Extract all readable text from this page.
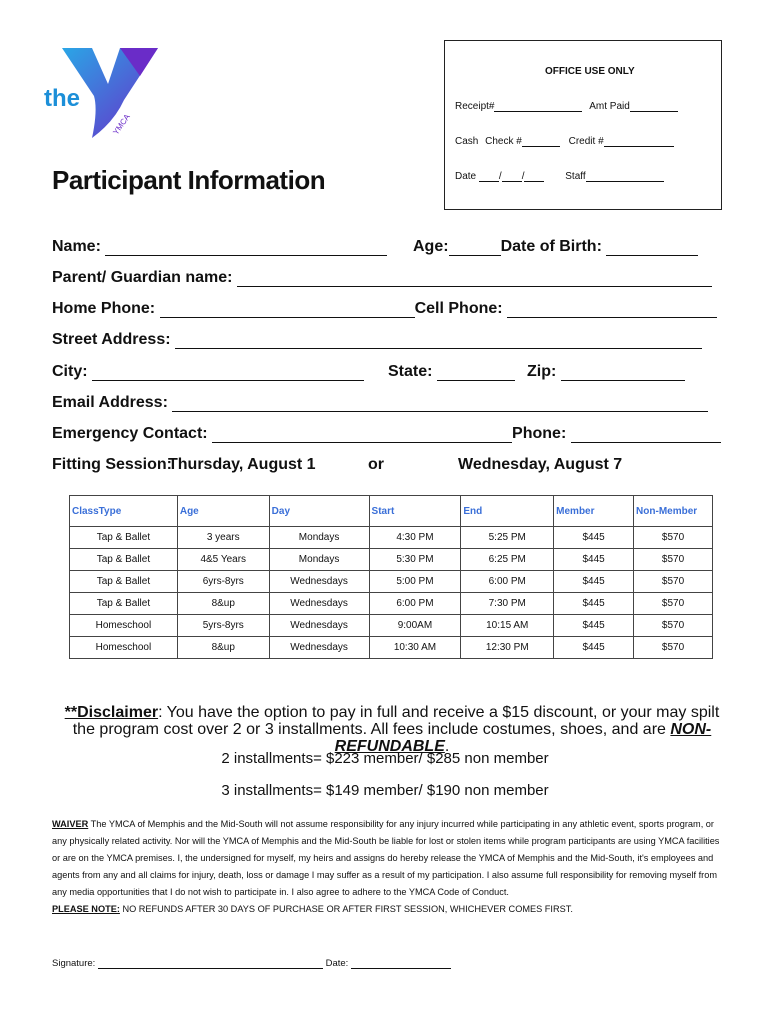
the
YMCA
OFFICE USE ONLY
Receipt#	Amt Paid
Cash Check #	Credit #
Date / /	Staff
Participant Information
Name:	Age:	Date of Birth:
Parent/ Guardian name:
Home Phone:	Cell Phone:
Street Address:
City:	State:	Zip:
Email Address:
Emergency Contact:	Phone:
Fitting Session:
Thursday, August 1	or	Wednesday, August 7
ClassType	Age	Day	Start	End	Member	Non-Member
Tap & Ballet	3 years	Mondays	4:30 PM	5:25 PM	$445	$570
Tap & Ballet	4&5 Years	Mondays	5:30 PM	6:25 PM	$445	$570
Tap & Ballet	6yrs-8yrs	Wednesdays	5:00 PM	6:00 PM	$445	$570
Tap & Ballet	8&up	Wednesdays	6:00 PM	7:30 PM	$445	$570
Homeschool	5yrs-8yrs	Wednesdays	9:00AM	10:15 AM	$445	$570
Homeschool	8&up	Wednesdays	10:30 AM	12:30 PM	$445	$570
**Disclaimer: You have the option to pay in full and receive a $15 discount, or your may spilt the program cost over 2 or 3 installments. All fees include costumes, shoes, and are NON-REFUNDABLE.
2 installments= $223 member/ $285 non member
3 installments= $149 member/ $190 non member
WAIVER The YMCA of Memphis and the Mid-South will not assume responsibility for any injury incurred while participating in any athletic event, sports program, or any physically related activity. Nor will the YMCA of Memphis and the Mid-South be liable for lost or stolen items while program participants are using YMCA facilities or are on the YMCA premises. I, the undersigned for myself, my heirs and assigns do hereby release the YMCA of Memphis and the Mid-South, it's employees and agents from any and all claims for injury, death, loss or damage I may suffer as a result of my participation. I also assume full responsibility for removing myself from any media opportunities that I do not wish to participate in. I also agree to adhere to the YMCA Code of Conduct.
PLEASE NOTE: NO REFUNDS AFTER 30 DAYS OF PURCHASE OR AFTER FIRST SESSION, WHICHEVER COMES FIRST.
Signature:	Date:
